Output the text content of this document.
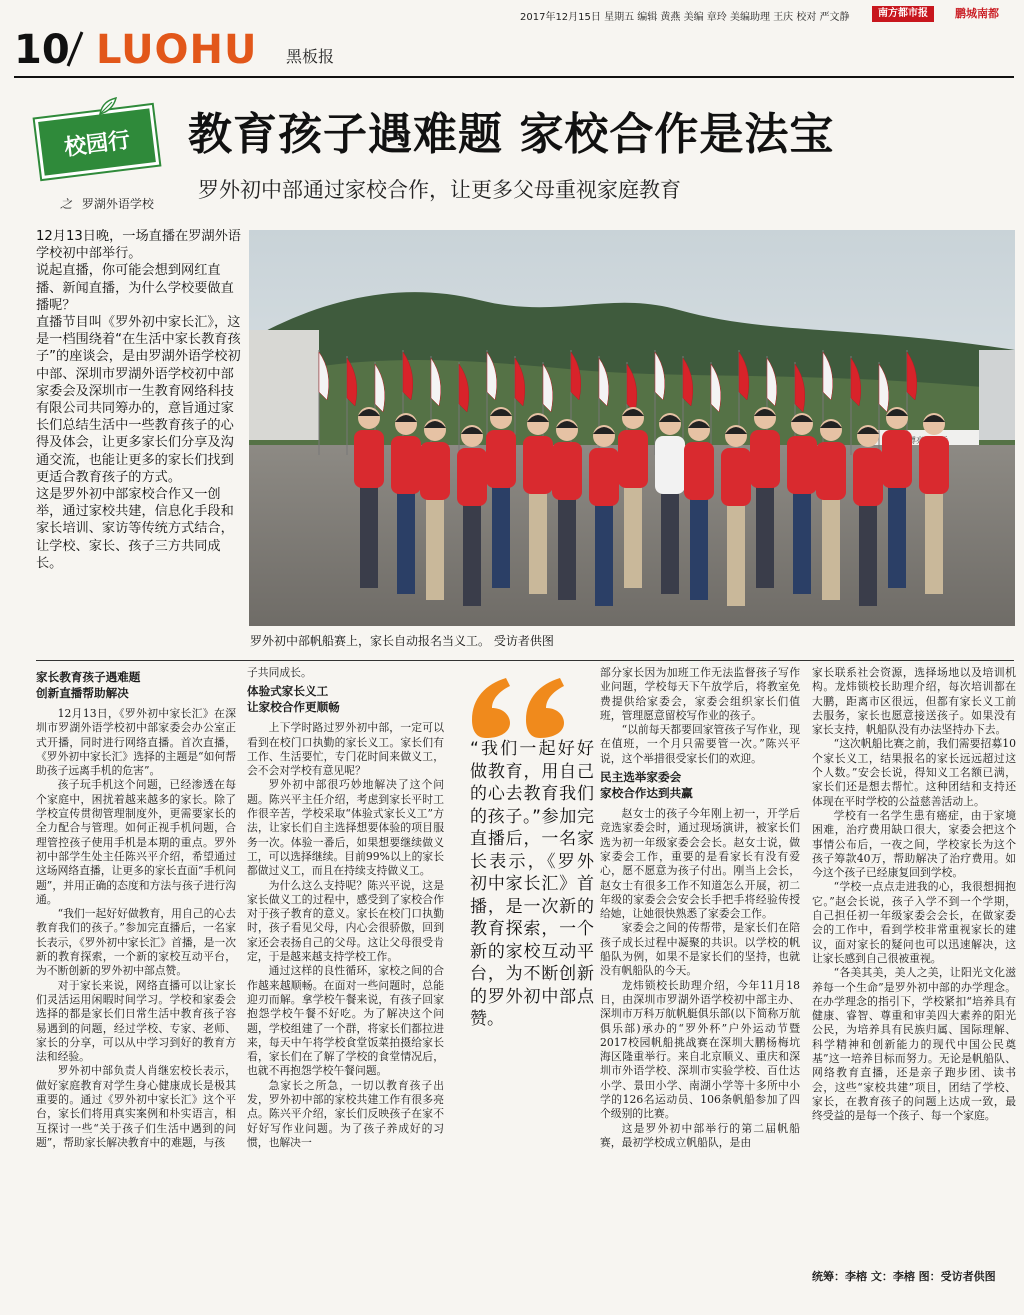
2017年12月15日 星期五 编辑 黄燕 美编 章玲 美编助理 王庆 校对 严文静	南方都市报	鹏城南都
10 LUOHU 黑板报
校园行	教育孩子遇难题 家校合作是法宝
罗外初中部通过家校合作，让更多父母重视家庭教育
之 罗湖外语学校

12月13日晚，一场直播在罗湖外语学校初中部举行。

说起直播，你可能会想到网红直播、新闻直播，为什么学校要做直播呢？

直播节目叫《罗外初中家长汇》，这是一档围绕着“在生活中家长教育孩子”的座谈会，是由罗湖外语学校初中部、深圳市罗湖外语学校初中部家委会及深圳市一生教育网络科技有限公司共同筹办的，意旨通过家长们总结生活中一些教育孩子的心得及体会，让更多家长们分享及沟通交流，也能让更多的家长们找到更适合教育孩子的方式。

这是罗外初中部家校合作又一创举，通过家校共建，信息化手段和家长培训、家访等传统方式结合，让学校、家长、孩子三方共同成长。

罗外初中部帆船赛上，家长自动报名当义工。 受访者供图
家长教育孩子遇难题
创新直播帮助解决

12月13日，《罗外初中家长汇》在深圳市罗湖外语学校初中部家委会办公室正式开播，同时进行网络直播。首次直播，《罗外初中家长汇》选择的主题是“如何帮助孩子远离手机的危害”。

孩子玩手机这个问题，已经渗透在每个家庭中，困扰着越来越多的家长。除了学校宣传贯彻管理制度外，更需要家长的全力配合与管理。如何正视手机问题，合理管控孩子使用手机是本期的重点。罗外初中部学生处主任陈兴平介绍，希望通过这场网络直播，让更多的家长直面“手机问题”，并用正确的态度和方法与孩子进行沟通。

“我们一起好好做教育，用自己的心去教育我们的孩子。”参加完直播后，一名家长表示，《罗外初中家长汇》首播，是一次新的教育探索，一个新的家校互动平台，为不断创新的罗外初中部点赞。

对于家长来说，网络直播可以让家长们灵活运用闲暇时间学习。学校和家委会选择的都是家长们日常生活中教育孩子容易遇到的问题，经过学校、专家、老师、家长的分享，可以从中学习到好的教育方法和经验。

罗外初中部负责人肖继宏校长表示，做好家庭教育对学生身心健康成长是极其重要的。通过《罗外初中家长汇》这个平台，家长们将用真实案例和朴实语言，相互探讨一些“关于孩子们生活中遇到的问题”，帮助家长解决教育中的难题，与孩

子共同成长。

体验式家长义工
让家校合作更顺畅

上下学时路过罗外初中部，一定可以看到在校门口执勤的家长义工。家长们有工作、生活要忙，专门花时间来做义工，会不会对学校有意见呢？

罗外初中部很巧妙地解决了这个问题。陈兴平主任介绍，考虑到家长平时工作很辛苦，学校采取“体验式家长义工”方法，让家长们自主选择想要体验的项目服务一次。体验一番后，如果想要继续做义工，可以选择继续。目前99%以上的家长都做过义工，而且在持续支持做义工。

为什么这么支持呢？陈兴平说，这是家长做义工的过程中，感受到了家校合作对于孩子教育的意义。家长在校门口执勤时，孩子看见父母，内心会很骄傲，回到家还会表扬自己的父母。这让父母很受肯定，于是越来越支持学校工作。

通过这样的良性循环，家校之间的合作越来越顺畅。在面对一些问题时，总能迎刃而解。拿学校午餐来说，有孩子回家抱怨学校午餐不好吃。为了解决这个问题，学校组建了一个群，将家长们都拉进来，每天中午将学校食堂饭菜拍摄给家长看，家长们在了解了学校的食堂情况后，也就不再抱怨学校午餐问题。

急家长之所急，一切以教育孩子出发，罗外初中部的家校共建工作有很多亮点。陈兴平介绍，家长们反映孩子在家不好好写作业问题。为了孩子养成好的习惯，也解决一

“我们一起好好做教育，用自己的心去教育我们的孩子。”参加完直播后，一名家长表示，《罗外初中家长汇》首播，是一次新的教育探索，一个新的家校互动平台，为不断创新的罗外初中部点赞。

部分家长因为加班工作无法监督孩子写作业问题，学校每天下午放学后，将教室免费提供给家委会，家委会组织家长们值班，管理愿意留校写作业的孩子。

“以前每天都要回家管孩子写作业，现在值班，一个月只需要管一次。”陈兴平说，这个举措很受家长们的欢迎。

民主选举家委会
家校合作达到共赢

赵女士的孩子今年刚上初一，开学后竞选家委会时，通过现场演讲，被家长们选为初一年级家委会会长。赵女士说，做家委会工作，重要的是看家长有没有爱心，愿不愿意为孩子付出。刚当上会长，赵女士有很多工作不知道怎么开展，初二年级的家委会会安会长手把手将经验传授给她，让她很快熟悉了家委会工作。

家委会之间的传帮带，是家长们在陪孩子成长过程中凝聚的共识。以学校的帆船队为例，如果不是家长们的坚持，也就没有帆船队的今天。

龙炜锁校长助理介绍，今年11月18日，由深圳市罗湖外语学校初中部主办、深圳市万科万航帆艇俱乐部(以下简称万航俱乐部)承办的“罗外杯”户外运动节暨2017校园帆船挑战赛在深圳大鹏杨梅坑海区隆重举行。来自北京顺义、重庆和深圳市外语学校、深圳市实验学校、百仕达小学、景田小学、南湖小学等十多所中小学的126名运动员、106条帆船参加了四个级别的比赛。

这是罗外初中部举行的第二届帆船赛，最初学校成立帆船队，是由

家长联系社会资源，选择场地以及培训机构。龙炜锁校长助理介绍，每次培训都在大鹏，距离市区很远，但都有家长义工前去服务，家长也愿意接送孩子。如果没有家长支持，帆船队没有办法坚持办下去。

“这次帆船比赛之前，我们需要招募10个家长义工，结果报名的家长远远超过这个人数。”安会长说，得知义工名额已满，家长们还是想去帮忙。这种团结和支持还体现在平时学校的公益慈善活动上。

学校有一名学生患有癌症，由于家境困难，治疗费用缺口很大，家委会把这个事情公布后，一夜之间，学校家长为这个孩子筹款40万，帮助解决了治疗费用。如今这个孩子已经康复回到学校。

“学校一点点走进我的心，我很想拥抱它。”赵会长说，孩子入学不到一个学期，自己担任初一年级家委会会长，在做家委会的工作中，看到学校非常重视家长的建议，面对家长的疑问也可以迅速解决，这让家长感到自己很被重视。

“各美其美，美人之美，让阳光文化滋养每一个生命”是罗外初中部的办学理念。在办学理念的指引下，学校紧扣“培养具有健康、睿智、尊重和审美四大素养的阳光公民，为培养具有民族归属、国际理解、科学精神和创新能力的现代中国公民奠基”这一培养目标而努力。无论是帆船队、网络教育直播，还是亲子跑步团、读书会，这些“家校共建”项目，团结了学校、家长，在教育孩子的问题上达成一致，最终受益的是每一个孩子、每一个家庭。

统筹：李榕 文：李榕 图：受访者供图
